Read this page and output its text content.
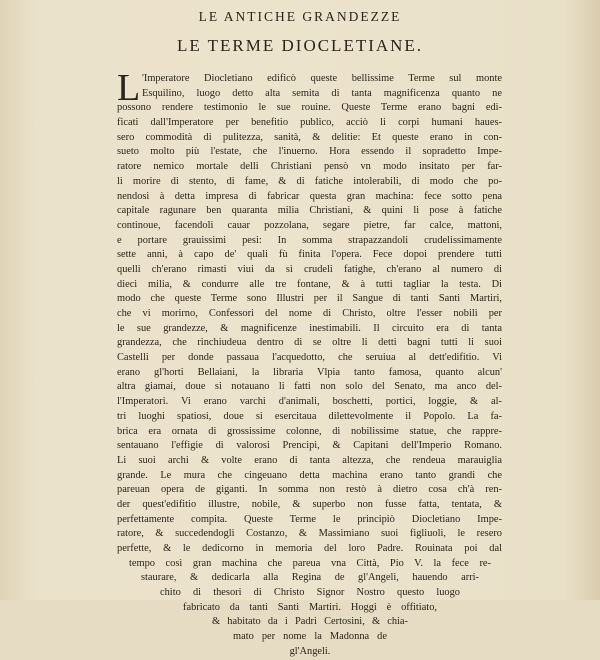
LE ANTICHE GRANDEZZE
LE TERME DIOCLETIANE.
L 'Imperatore Diocletiano edificò queste bellissime Terme sul monte
Esquilino, luogo detto alta semita di tanta magnificenza quanto ne
possono rendere testimonio le sue rouine. Queste Terme erano bagni edi-
ficati dall'Imperatore per benefitio publico, acciò li corpi humani haues-
sero commodità di pulitezza, sanità, & delitie: Et queste erano in con-
sueto molto più l'estate, che l'inuerno. Hora essendo il sopradetto Impe-
ratore nemico mortale delli Christiani pensò vn modo insitato per far-
li morire di stento, di fame, & di fatiche intolerabili, di modo che po-
nendosi à detta impresa di fabricar questa gran machina: fece sotto pena
capitale ragunare ben quaranta milia Christiani, & quini li pose à fatiche
continoue, facendoli cauar pozzolana, segare pietre, far calce, mattoni,
e portare grauissimi pesi: In somma strapazzandoli crudelissimamente
sette anni, à capo de' quali fù finita l'opera. Fece dopoi prendere tutti
quelli ch'erano rimasti viui da sì crudeli fatighe, ch'erano al numero di
dieci milia, & condurre alle tre fontane, & à tutti tagliar la testa. Di
modo che queste Terme sono Illustri per il Sangue di tanti Santi Martiri,
che vi morirno, Confessori del nome di Christo, oltre l'esser nobili per
le sue grandezze, & magnificenze inestimabili. Il circuito era di tanta
grandezza, che rinchiudeua dentro di se oltre li detti bagni tutti li suoi
Castelli per donde passaua l'acquedotto, che seruiua al dett'edifitio. Vi
erano gl'horti Bellaiani, la libraria Vlpia tanto famosa, quanto alcun'
altra giamai, doue si notauano li fatti non solo del Senato, ma anco del-
l'Imperatori. Vi erano varchi d'animali, boschetti, portici, loggie, & al-
tri luoghi spatiosi, doue si esercitaua dilettevolmente il Popolo. La fa-
brica era ornata di grossissime colonne, di nobilissime statue, che rappre-
sentauano l'effigie di valorosi Prencipi, & Capitani dell'Imperio Romano.
Li suoi archi & volte erano di tanta altezza, che rendeua marauiglia
grande. Le mura che cingeuano detta machina erano tanto grandi che
pareuan opera de giganti. In somma non restò à dietro cosa ch'à ren-
der quest'edifitio illustre, nobile, & superbo non fusse fatta, tentata, &
perfettamente compita. Queste Terme le principiò Diocletiano Impe-
ratore, & succedendogli Costanzo, & Massimiano suoi figliuoli, le resero
perfette, & le dedicorno in memoria del loro Padre. Rouinata poi dal
tempo così gran machina che pareua vna Città, Pio V. la fece re-
staurare, & dedicarla alla Regina de gl'Angeli, hauendo arri-
chito di thesori di Christo Signor Nostro questo luogo
fabricato da tanti Santi Martiri. Hoggi è offitiato,
& habitato da i Padri Certosini, & chia-
mato per nome la Madonna de
gl'Angeli.
